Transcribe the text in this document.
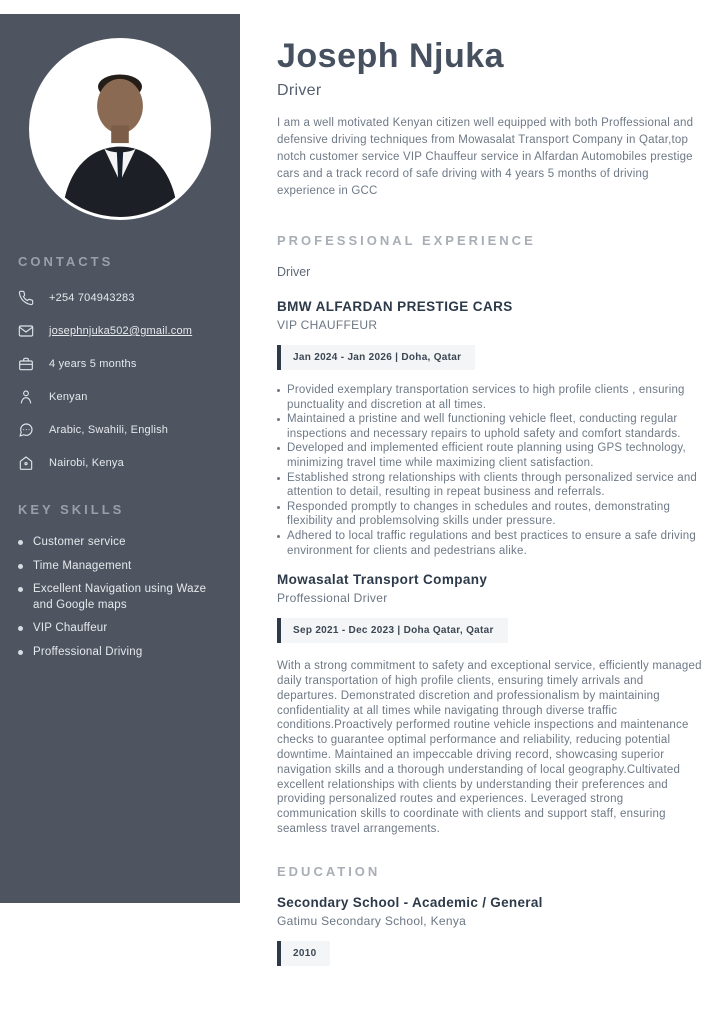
CONTACTS
+254 704943283
josephnjuka502@gmail.com
4 years 5 months
Kenyan
Arabic, Swahili, English
Nairobi, Kenya
KEY SKILLS
Customer service
Time Management
Excellent Navigation using Waze and Google maps
VIP Chauffeur
Proffessional Driving
Joseph Njuka
Driver

I am a well motivated Kenyan citizen well equipped with both Proffessional and defensive driving techniques from Mowasalat Transport Company in Qatar,top notch customer service VIP Chauffeur service in Alfardan Automobiles prestige cars and a track record of safe driving with 4 years 5 months of driving experience in GCC

PROFESSIONAL EXPERIENCE
Driver
BMW ALFARDAN PRESTIGE CARS
VIP CHAUFFEUR
Jan 2024 - Jan 2026 | Doha, Qatar
Provided exemplary transportation services to high profile clients , ensuring punctuality and discretion at all times.
Maintained a pristine and well functioning vehicle fleet, conducting regular inspections and necessary repairs to uphold safety and comfort standards.
Developed and implemented efficient route planning using GPS technology, minimizing travel time while maximizing client satisfaction.
Established strong relationships with clients through personalized service and attention to detail, resulting in repeat business and referrals.
Responded promptly to changes in schedules and routes, demonstrating flexibility and problemsolving skills under pressure.
Adhered to local traffic regulations and best practices to ensure a safe driving environment for clients and pedestrians alike.
Mowasalat Transport Company
Proffessional Driver
Sep 2021 - Dec 2023 | Doha Qatar, Qatar

With a strong commitment to safety and exceptional service, efficiently managed daily transportation of high profile clients, ensuring timely arrivals and departures. Demonstrated discretion and professionalism by maintaining confidentiality at all times while navigating through diverse traffic conditions.Proactively performed routine vehicle inspections and maintenance checks to guarantee optimal performance and reliability, reducing potential downtime. Maintained an impeccable driving record, showcasing superior navigation skills and a thorough understanding of local geography.Cultivated excellent relationships with clients by understanding their preferences and providing personalized routes and experiences. Leveraged strong communication skills to coordinate with clients and support staff, ensuring seamless travel arrangements.

EDUCATION
Secondary School - Academic / General
Gatimu Secondary School, Kenya
2010
